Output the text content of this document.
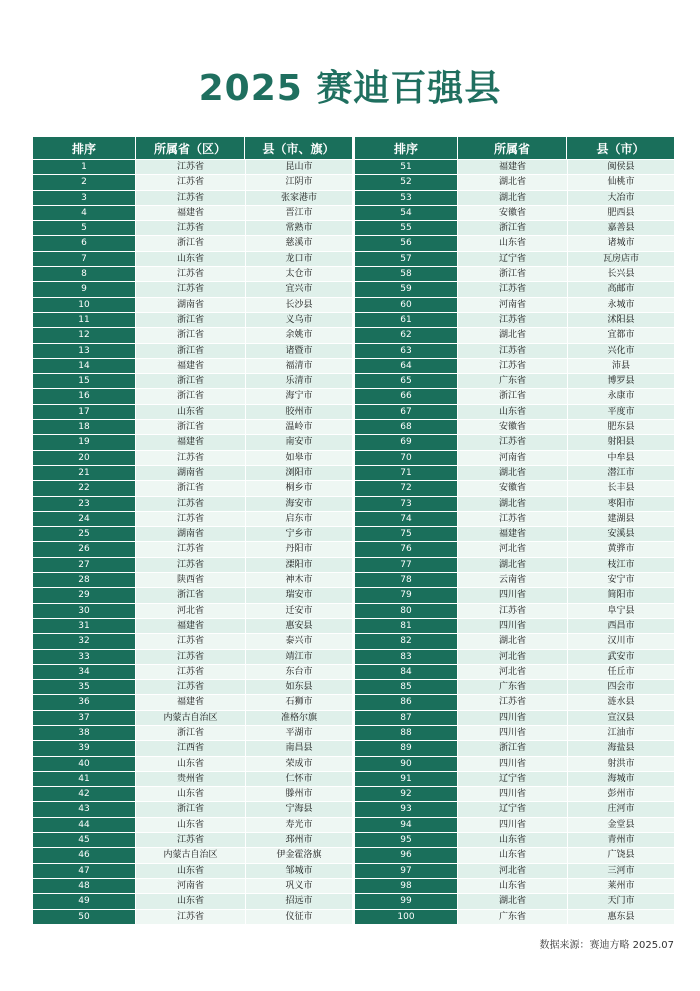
2025 赛迪百强县
排序	所属省（区）	县（市、旗）
1	江苏省	昆山市
2	江苏省	江阴市
3	江苏省	张家港市
4	福建省	晋江市
5	江苏省	常熟市
6	浙江省	慈溪市
7	山东省	龙口市
8	江苏省	太仓市
9	江苏省	宜兴市
10	湖南省	长沙县
11	浙江省	义乌市
12	浙江省	余姚市
13	浙江省	诸暨市
14	福建省	福清市
15	浙江省	乐清市
16	浙江省	海宁市
17	山东省	胶州市
18	浙江省	温岭市
19	福建省	南安市
20	江苏省	如皋市
21	湖南省	浏阳市
22	浙江省	桐乡市
23	江苏省	海安市
24	江苏省	启东市
25	湖南省	宁乡市
26	江苏省	丹阳市
27	江苏省	溧阳市
28	陕西省	神木市
29	浙江省	瑞安市
30	河北省	迁安市
31	福建省	惠安县
32	江苏省	泰兴市
33	江苏省	靖江市
34	江苏省	东台市
35	江苏省	如东县
36	福建省	石狮市
37	内蒙古自治区	准格尔旗
38	浙江省	平湖市
39	江西省	南昌县
40	山东省	荣成市
41	贵州省	仁怀市
42	山东省	滕州市
43	浙江省	宁海县
44	山东省	寿光市
45	江苏省	邳州市
46	内蒙古自治区	伊金霍洛旗
47	山东省	邹城市
48	河南省	巩义市
49	山东省	招远市
50	江苏省	仪征市
排序	所属省	县（市）
51	福建省	闽侯县
52	湖北省	仙桃市
53	湖北省	大冶市
54	安徽省	肥西县
55	浙江省	嘉善县
56	山东省	诸城市
57	辽宁省	瓦房店市
58	浙江省	长兴县
59	江苏省	高邮市
60	河南省	永城市
61	江苏省	沭阳县
62	湖北省	宜都市
63	江苏省	兴化市
64	江苏省	沛县
65	广东省	博罗县
66	浙江省	永康市
67	山东省	平度市
68	安徽省	肥东县
69	江苏省	射阳县
70	河南省	中牟县
71	湖北省	潜江市
72	安徽省	长丰县
73	湖北省	枣阳市
74	江苏省	建湖县
75	福建省	安溪县
76	河北省	黄骅市
77	湖北省	枝江市
78	云南省	安宁市
79	四川省	简阳市
80	江苏省	阜宁县
81	四川省	西昌市
82	湖北省	汉川市
83	河北省	武安市
84	河北省	任丘市
85	广东省	四会市
86	江苏省	涟水县
87	四川省	宣汉县
88	四川省	江油市
89	浙江省	海盐县
90	四川省	射洪市
91	辽宁省	海城市
92	四川省	彭州市
93	辽宁省	庄河市
94	四川省	金堂县
95	山东省	青州市
96	山东省	广饶县
97	河北省	三河市
98	山东省	莱州市
99	湖北省	天门市
100	广东省	惠东县
数据来源：赛迪方略 2025.07
